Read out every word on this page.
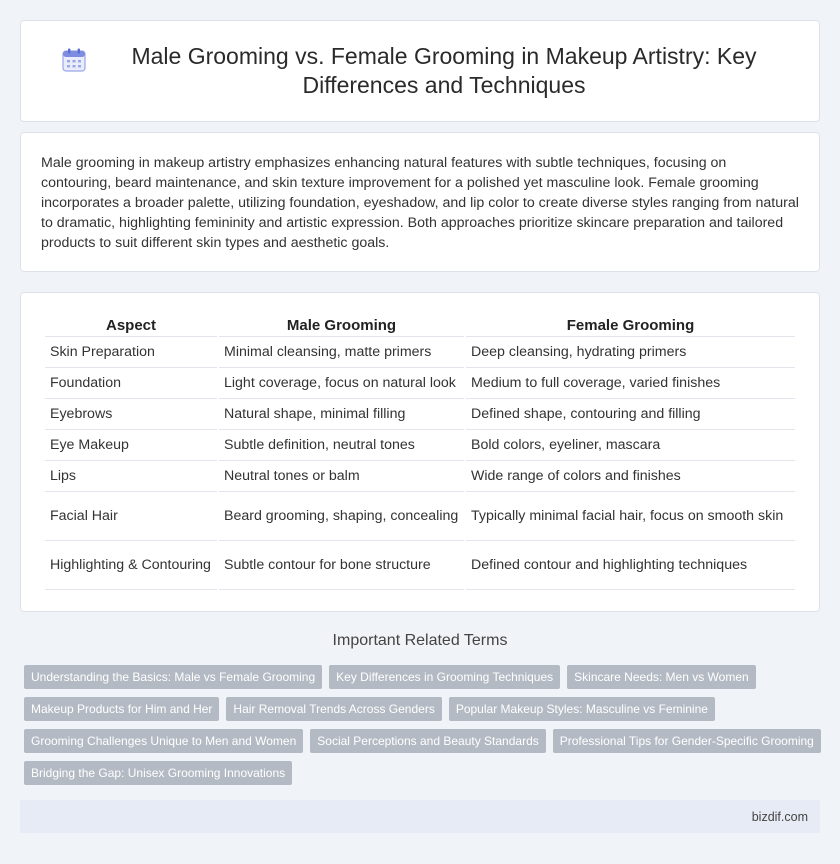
Male Grooming vs. Female Grooming in Makeup Artistry: Key Differences and Techniques

Male grooming in makeup artistry emphasizes enhancing natural features with subtle techniques, focusing on contouring, beard maintenance, and skin texture improvement for a polished yet masculine look. Female grooming incorporates a broader palette, utilizing foundation, eyeshadow, and lip color to create diverse styles ranging from natural to dramatic, highlighting femininity and artistic expression. Both approaches prioritize skincare preparation and tailored products to suit different skin types and aesthetic goals.

Aspect	Male Grooming	Female Grooming
Skin Preparation	Minimal cleansing, matte primers	Deep cleansing, hydrating primers
Foundation	Light coverage, focus on natural look	Medium to full coverage, varied finishes
Eyebrows	Natural shape, minimal filling	Defined shape, contouring and filling
Eye Makeup	Subtle definition, neutral tones	Bold colors, eyeliner, mascara
Lips	Neutral tones or balm	Wide range of colors and finishes
Facial Hair	Beard grooming, shaping, concealing	Typically minimal facial hair, focus on smooth skin
Highlighting & Contouring	Subtle contour for bone structure	Defined contour and highlighting techniques
Important Related Terms
Understanding the Basics: Male vs Female Grooming	Key Differences in Grooming Techniques	Skincare Needs: Men vs Women
Makeup Products for Him and Her	Hair Removal Trends Across Genders	Popular Makeup Styles: Masculine vs Feminine
Grooming Challenges Unique to Men and Women	Social Perceptions and Beauty Standards	Professional Tips for Gender-Specific Grooming
Bridging the Gap: Unisex Grooming Innovations
bizdif.com
